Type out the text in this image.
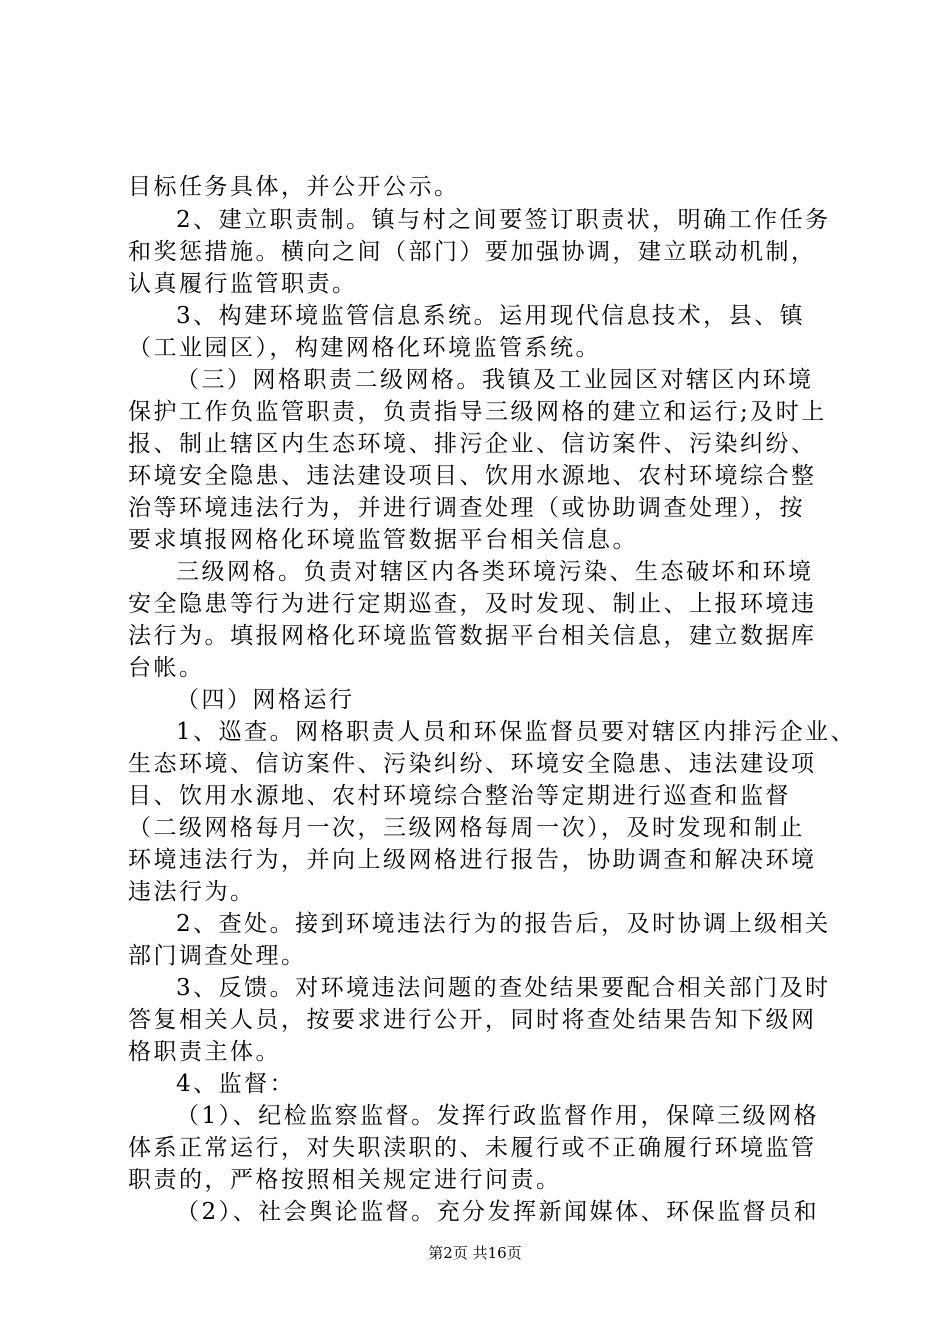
目标任务具体，并公开公示。
2、建立职责制。镇与村之间要签订职责状，明确工作任务
和奖惩措施。横向之间（部门）要加强协调，建立联动机制，
认真履行监管职责。
3、构建环境监管信息系统。运用现代信息技术，县、镇
（工业园区），构建网格化环境监管系统。
（三）网格职责二级网格。我镇及工业园区对辖区内环境
保护工作负监管职责，负责指导三级网格的建立和运行;及时上
报、制止辖区内生态环境、排污企业、信访案件、污染纠纷、
环境安全隐患、违法建设项目、饮用水源地、农村环境综合整
治等环境违法行为，并进行调查处理（或协助调查处理），按
要求填报网格化环境监管数据平台相关信息。
三级网格。负责对辖区内各类环境污染、生态破坏和环境
安全隐患等行为进行定期巡查，及时发现、制止、上报环境违
法行为。填报网格化环境监管数据平台相关信息，建立数据库
台帐。
（四）网格运行
1、巡查。网格职责人员和环保监督员要对辖区内排污企业、
生态环境、信访案件、污染纠纷、环境安全隐患、违法建设项
目、饮用水源地、农村环境综合整治等定期进行巡查和监督
（二级网格每月一次，三级网格每周一次），及时发现和制止
环境违法行为，并向上级网格进行报告，协助调查和解决环境
违法行为。
2、查处。接到环境违法行为的报告后，及时协调上级相关
部门调查处理。
3、反馈。对环境违法问题的查处结果要配合相关部门及时
答复相关人员，按要求进行公开，同时将查处结果告知下级网
格职责主体。
4、监督：
（1）、纪检监察监督。发挥行政监督作用，保障三级网格
体系正常运行，对失职渎职的、未履行或不正确履行环境监管
职责的，严格按照相关规定进行问责。
（2）、社会舆论监督。充分发挥新闻媒体、环保监督员和
第2页 共16页
